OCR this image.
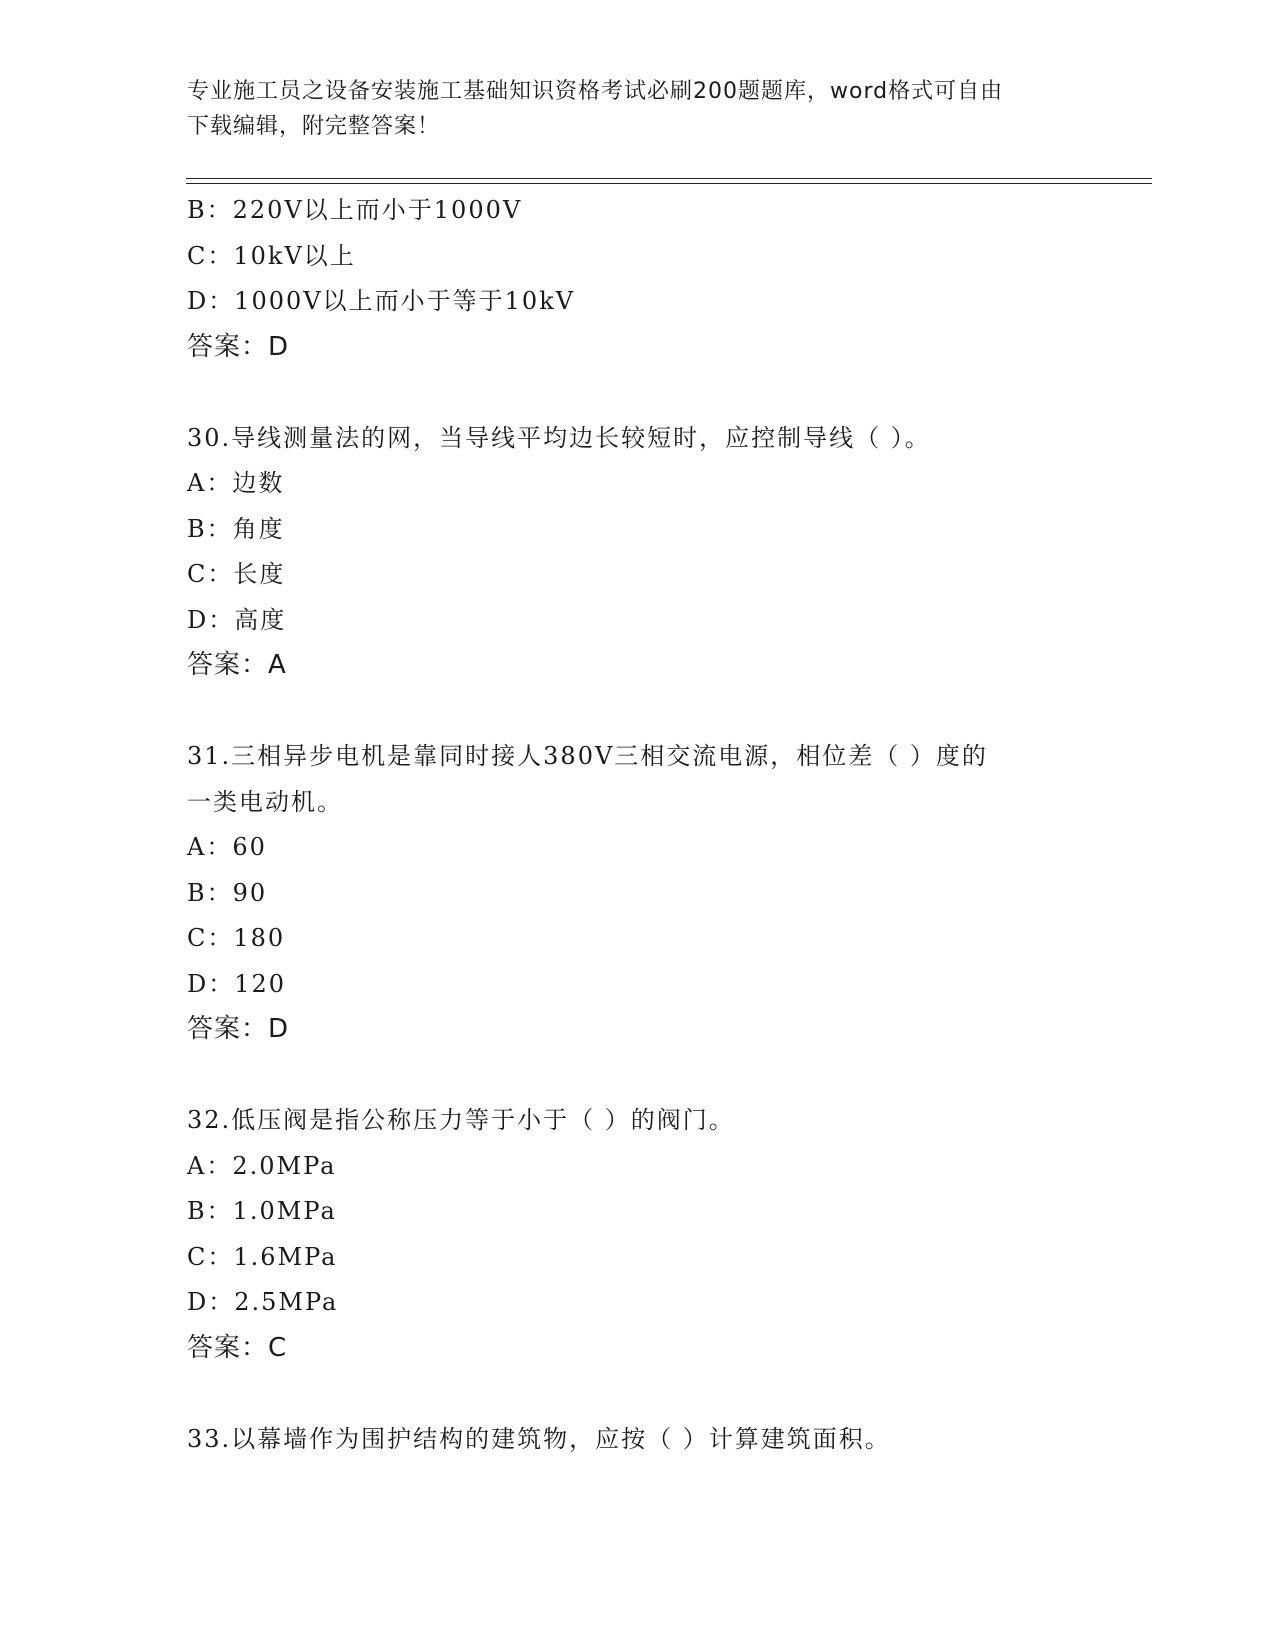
专业施工员之设备安装施工基础知识资格考试必刷200题题库，word格式可自由
下载编辑，附完整答案！
B：220V以上而小于1000V
C：10kV以上
D：1000V以上而小于等于10kV
答案：D
30.导线测量法的网，当导线平均边长较短时，应控制导线（ ）。
A：边数
B：角度
C：长度
D：高度
答案：A
31.三相异步电机是靠同时接人380V三相交流电源，相位差（ ）度的
一类电动机。
A：60
B：90
C：180
D：120
答案：D
32.低压阀是指公称压力等于小于（ ）的阀门。
A：2.0MPa
B：1.0MPa
C：1.6MPa
D：2.5MPa
答案：C
33.以幕墙作为围护结构的建筑物，应按（ ）计算建筑面积。
